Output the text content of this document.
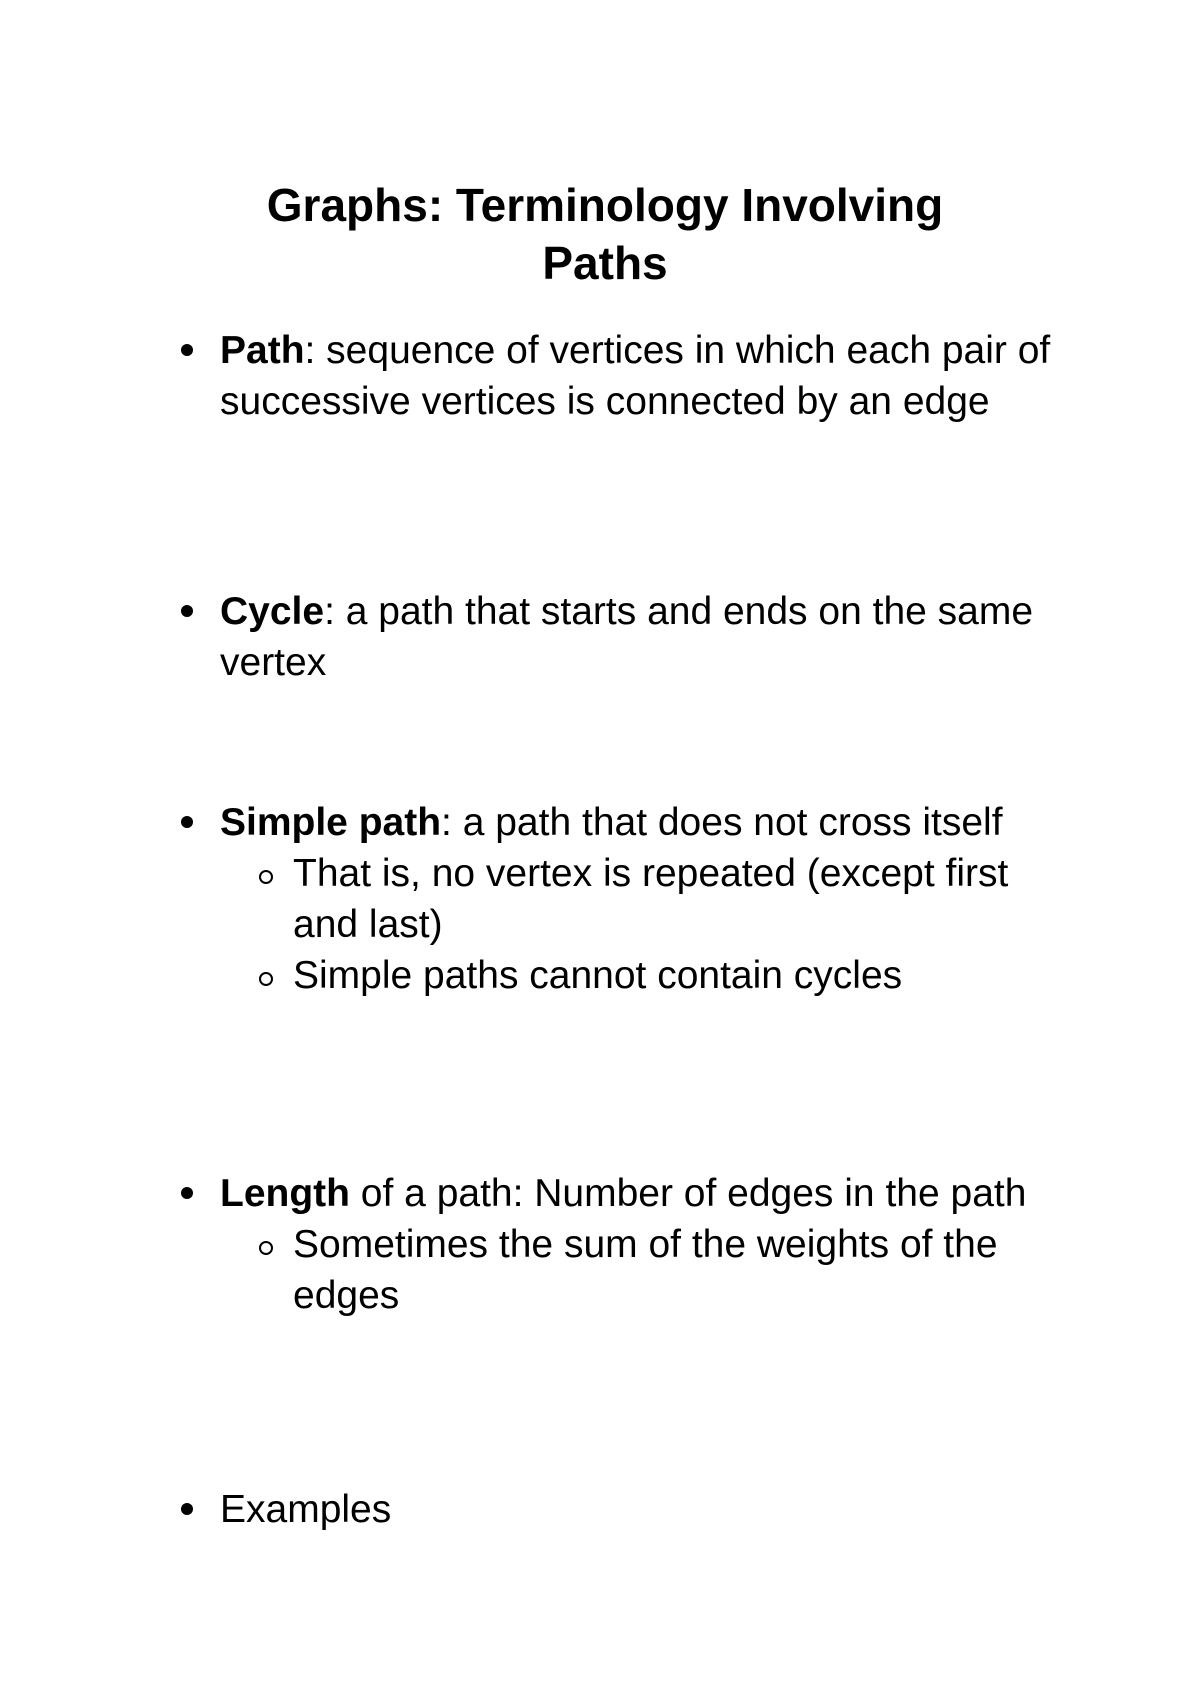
Graphs: Terminology Involving
Paths
Path: sequence of vertices in which each pair of successive vertices is connected by an edge
Cycle: a path that starts and ends on the same vertex
Simple path: a path that does not cross itself
That is, no vertex is repeated (except first and last)
Simple paths cannot contain cycles
Length of a path: Number of edges in the path
Sometimes the sum of the weights of the edges
Examples
